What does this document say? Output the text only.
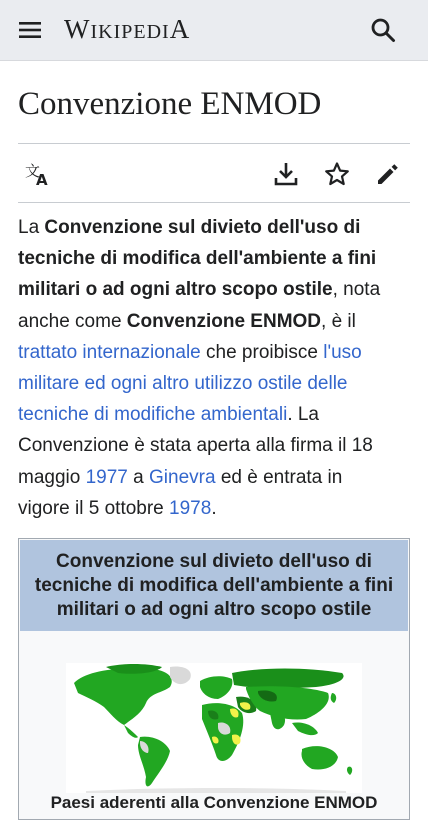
WIKIPEDIA
Convenzione ENMOD
文
A

La Convenzione sul divieto dell'uso di tecniche di modifica dell'ambiente a fini militari o ad ogni altro scopo ostile, nota anche come Convenzione ENMOD, è il trattato internazionale che proibisce l'uso militare ed ogni altro utilizzo ostile delle tecniche di modifiche ambientali. La Convenzione è stata aperta alla firma il 18 maggio 1977 a Ginevra ed è entrata in vigore il 5 ottobre 1978.

Convenzione sul divieto dell'uso di tecniche di modifica dell'ambiente a fini militari o ad ogni altro scopo ostile
Paesi aderenti alla Convenzione ENMOD
